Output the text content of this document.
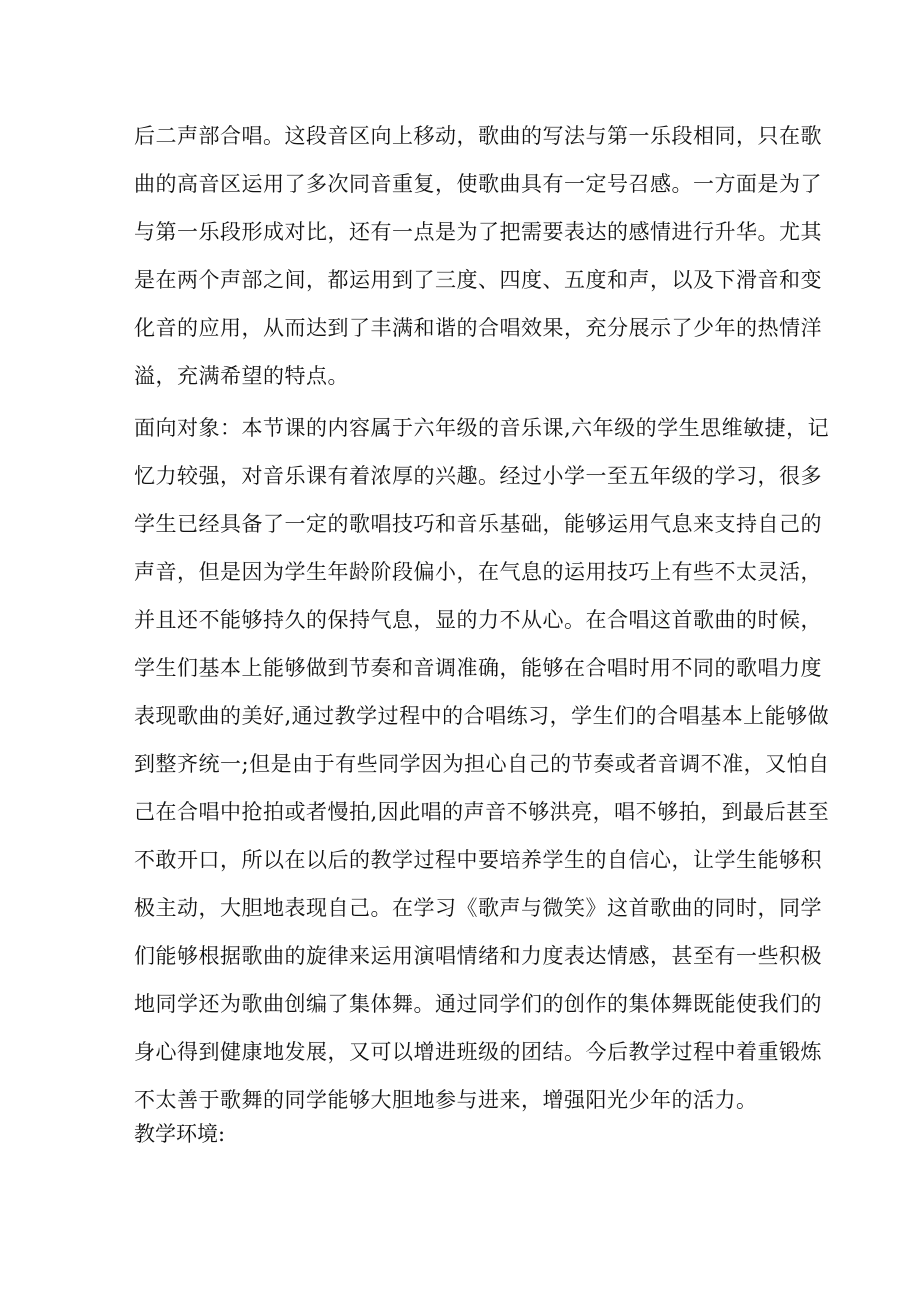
后二声部合唱。这段音区向上移动，歌曲的写法与第一乐段相同，只在歌
曲的高音区运用了多次同音重复，使歌曲具有一定号召感。一方面是为了
与第一乐段形成对比，还有一点是为了把需要表达的感情进行升华。尤其
是在两个声部之间，都运用到了三度、四度、五度和声，以及下滑音和变
化音的应用，从而达到了丰满和谐的合唱效果，充分展示了少年的热情洋
溢，充满希望的特点。
面向对象：本节课的内容属于六年级的音乐课,六年级的学生思维敏捷，记
忆力较强，对音乐课有着浓厚的兴趣。经过小学一至五年级的学习，很多
学生已经具备了一定的歌唱技巧和音乐基础，能够运用气息来支持自己的
声音，但是因为学生年龄阶段偏小，在气息的运用技巧上有些不太灵活，
并且还不能够持久的保持气息，显的力不从心。在合唱这首歌曲的时候，
学生们基本上能够做到节奏和音调准确，能够在合唱时用不同的歌唱力度
表现歌曲的美好,通过教学过程中的合唱练习，学生们的合唱基本上能够做
到整齐统一;但是由于有些同学因为担心自己的节奏或者音调不准，又怕自
己在合唱中抢拍或者慢拍,因此唱的声音不够洪亮，唱不够拍，到最后甚至
不敢开口，所以在以后的教学过程中要培养学生的自信心，让学生能够积
极主动，大胆地表现自己。在学习《歌声与微笑》这首歌曲的同时，同学
们能够根据歌曲的旋律来运用演唱情绪和力度表达情感，甚至有一些积极
地同学还为歌曲创编了集体舞。通过同学们的创作的集体舞既能使我们的
身心得到健康地发展，又可以增进班级的团结。今后教学过程中着重锻炼
不太善于歌舞的同学能够大胆地参与进来，增强阳光少年的活力。
教学环境:
